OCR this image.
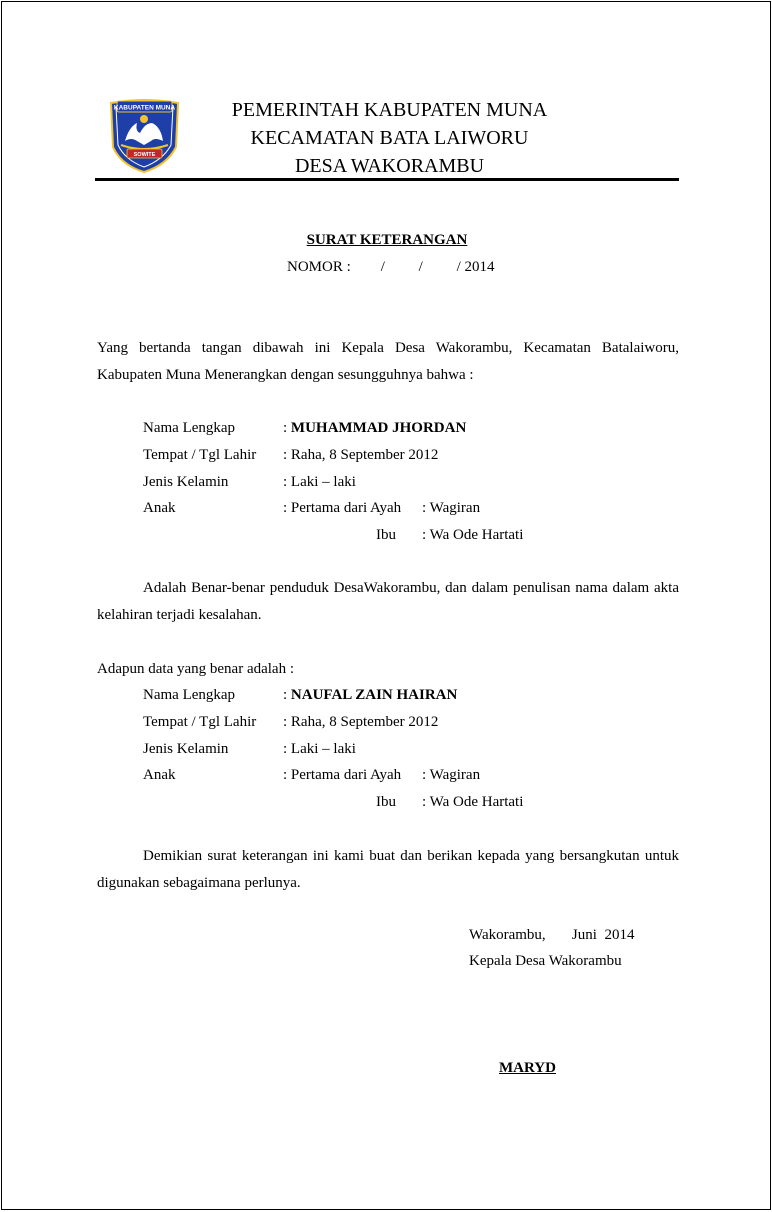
KABUPATEN MUNA
SOWITE
PEMERINTAH KABUPATEN MUNA
KECAMATAN BATA LAIWORU
DESA WAKORAMBU
SURAT KETERANGAN
NOMOR :        /         /         / 2014
Yang bertanda tangan dibawah ini Kepala Desa Wakorambu, Kecamatan Batalaiworu, Kabupaten Muna Menerangkan dengan sesungguhnya bahwa :
Nama Lengkap	: MUHAMMAD JHORDAN
Tempat / Tgl Lahir : Raha, 8 September 2012
Jenis Kelamin	: Laki – laki
Anak	: Pertama dari Ayah : Wagiran
Ibu : Wa Ode Hartati
Adalah Benar-benar penduduk DesaWakorambu, dan dalam penulisan nama dalam akta kelahiran terjadi kesalahan.
Adapun data yang benar adalah :
Nama Lengkap	: NAUFAL ZAIN HAIRAN
Tempat / Tgl Lahir : Raha, 8 September 2012
Jenis Kelamin	: Laki – laki
Anak	: Pertama dari Ayah : Wagiran
Ibu : Wa Ode Hartati
Demikian surat keterangan ini kami buat dan berikan kepada yang bersangkutan untuk digunakan sebagaimana perlunya.
Wakorambu,       Juni  2014
Kepala Desa Wakorambu
MARYD
